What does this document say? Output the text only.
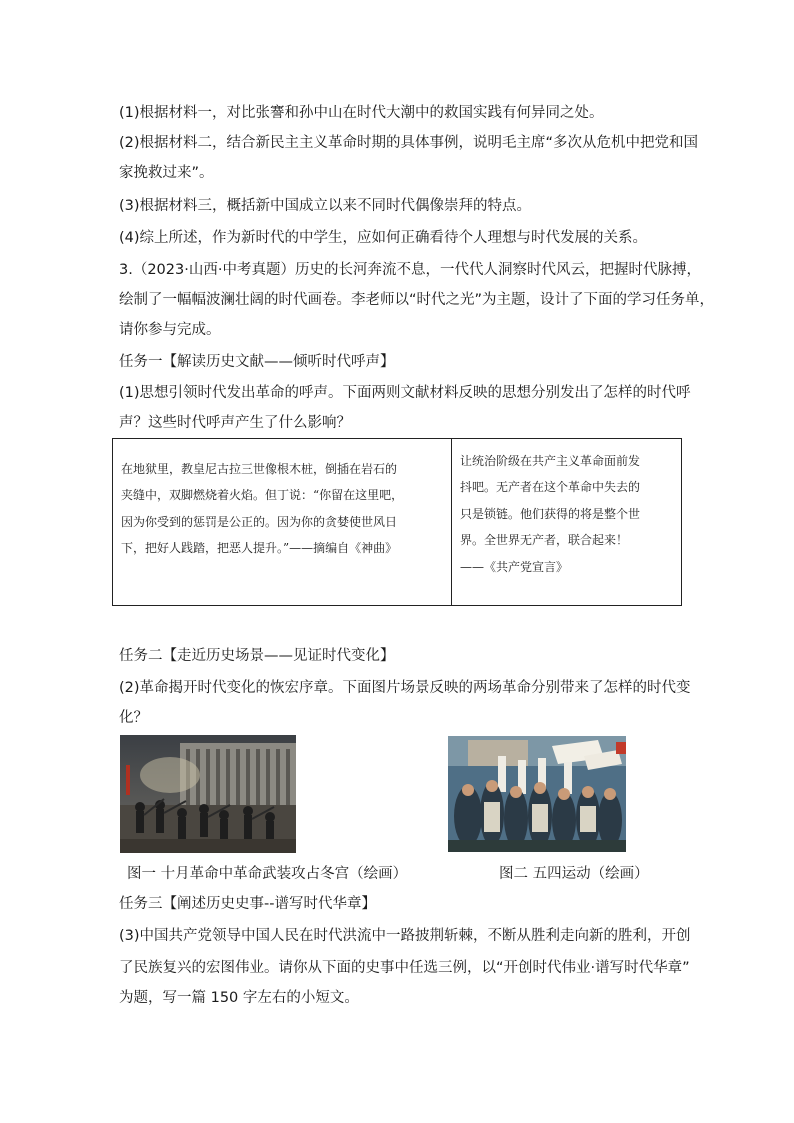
(1)根据材料一，对比张謇和孙中山在时代大潮中的救国实践有何异同之处。
(2)根据材料二，结合新民主主义革命时期的具体事例，说明毛主席“多次从危机中把党和国
家挽救过来”。
(3)根据材料三，概括新中国成立以来不同时代偶像崇拜的特点。
(4)综上所述，作为新时代的中学生，应如何正确看待个人理想与时代发展的关系。
3.（2023·山西·中考真题）历史的长河奔流不息，一代代人洞察时代风云，把握时代脉搏，
绘制了一幅幅波澜壮阔的时代画卷。李老师以“时代之光”为主题，设计了下面的学习任务单，
请你参与完成。
任务一【解读历史文献——倾听时代呼声】
(1)思想引领时代发出革命的呼声。下面两则文献材料反映的思想分别发出了怎样的时代呼
声？这些时代呼声产生了什么影响？
在地狱里，教皇尼古拉三世像根木桩，倒插在岩石的
夹缝中，双脚燃烧着火焰。但丁说：“你留在这里吧，
因为你受到的惩罚是公正的。因为你的贪婪使世风日
下，把好人践踏，把恶人提升。”——摘编自《神曲》
让统治阶级在共产主义革命面前发
抖吧。无产者在这个革命中失去的
只是锁链。他们获得的将是整个世
界。全世界无产者，联合起来！
——《共产党宣言》
任务二【走近历史场景——见证时代变化】
(2)革命揭开时代变化的恢宏序章。下面图片场景反映的两场革命分别带来了怎样的时代变
化？
图一 十月革命中革命武装攻占冬宫（绘画）	图二 五四运动（绘画）
任务三【阐述历史史事--谱写时代华章】
(3)中国共产党领导中国人民在时代洪流中一路披荆斩棘，不断从胜利走向新的胜利，开创
了民族复兴的宏图伟业。请你从下面的史事中任选三例，以“开创时代伟业·谱写时代华章”
为题，写一篇 150 字左右的小短文。
